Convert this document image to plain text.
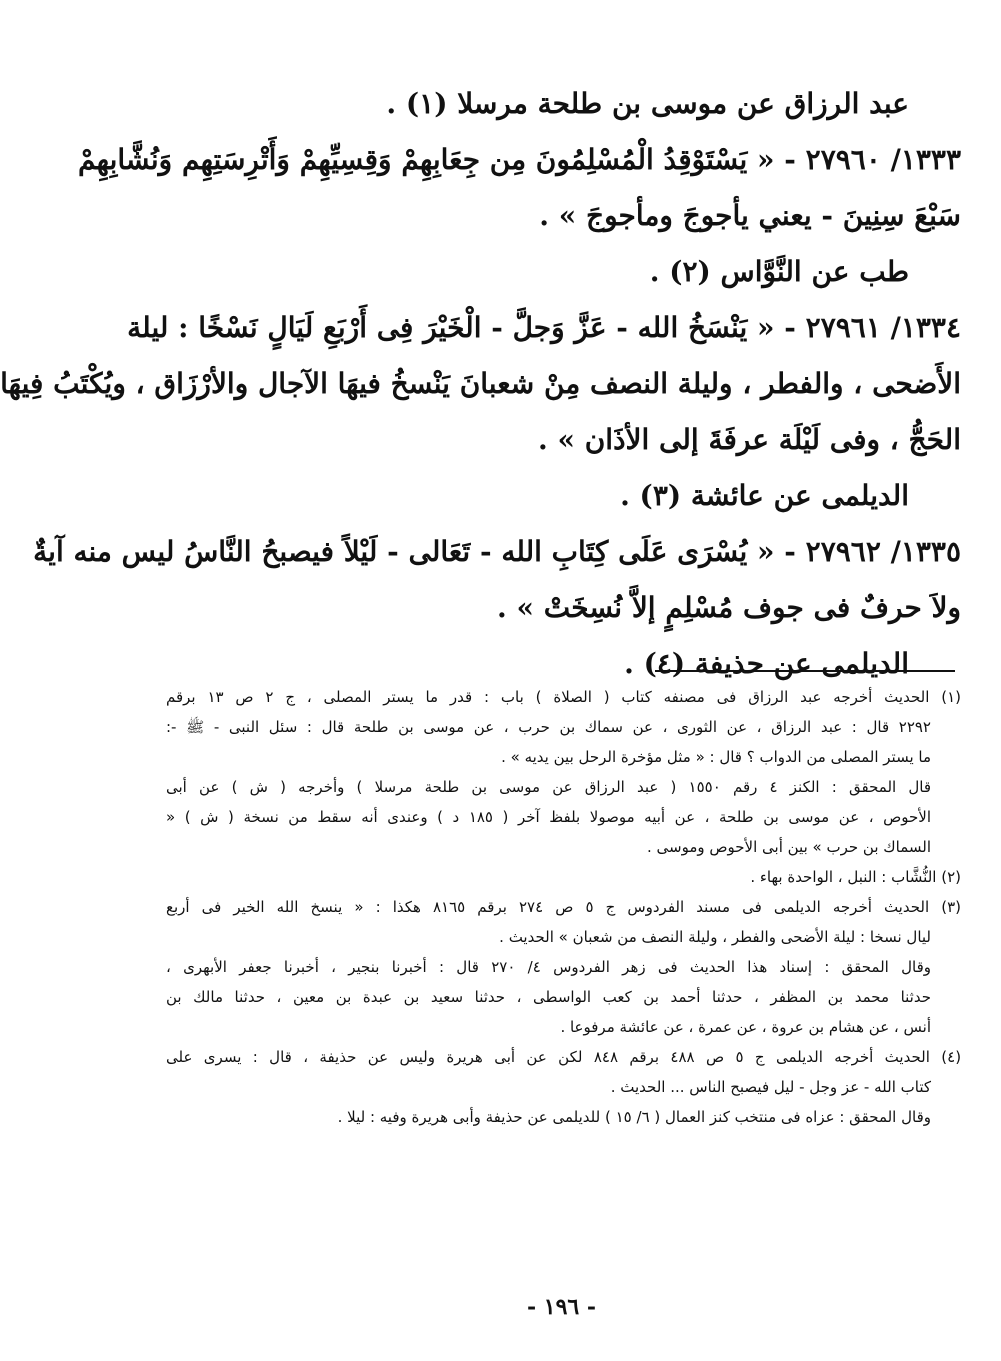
عبد الرزاق عن موسى بن طلحة مرسلا (١) .
١٣٣٣/ ٢٧٩٦٠ - « يَسْتَوْقِدُ الْمُسْلِمُونَ مِن جِعَابِهِمْ وَقِسِيِّهِمْ وَأَتْرِسَتِهِم وَنُشَّابِهِمْ
سَبْعَ سِنِينَ - يعني يأجوجَ ومأجوجَ » .
طب عن النَّوَّاس (٢) .
١٣٣٤/ ٢٧٩٦١ - « يَنْسَخُ الله - عَزَّ وَجلَّ - الْخَيْرَ فِى أَرْبَعِ لَيَالٍ نَسْخًا : ليلة
الأَضحى ، والفطر ، وليلة النصف مِنْ شعبانَ يَنْسخُ فيهَا الآجال والأرْزَاق ، ويُكْتَبُ فِيهَا
الحَجُّ ، وفى لَيْلَة عرفَةَ إلى الأذَان » .
الديلمى عن عائشة (٣) .
١٣٣٥/ ٢٧٩٦٢ - « يُسْرَى عَلَى كِتَابِ الله - تَعَالى - لَيْلاً فيصبحُ النَّاسُ ليس منه آيةٌ
ولاَ حرفٌ فى جوف مُسْلِمٍ إلاَّ نُسِخَتْ » .
الديلمى عن حذيفة (٤) .
(١) الحديث أخرجه عبد الرزاق فى مصنفه كتاب ( الصلاة ) باب : قدر ما يستر المصلى ، ج ٢ ص ١٣ برقم
٢٢٩٢ قال : عبد الرزاق ، عن الثورى ، عن سماك بن حرب ، عن موسى بن طلحة قال : سئل النبى - ﷺ -:
ما يستر المصلى من الدواب ؟ قال : « مثل مؤخرة الرحل بين يديه » .
قال المحقق : الكنز ٤ رقم ١٥٥٠ ( عبد الرزاق عن موسى بن طلحة مرسلا ) وأخرجه ( ش ) عن أبى
الأحوص ، عن موسى بن طلحة ، عن أبيه موصولا بلفظ آخر ( ١٨٥ د ) وعندى أنه سقط من نسخة ( ش ) «
السماك بن حرب » بين أبى الأحوص وموسى .
(٢) النُّشَّاب : النبل ، الواحدة بهاء .
(٣) الحديث أخرجه الديلمى فى مسند الفردوس ج ٥ ص ٢٧٤ برقم ٨١٦٥ هكذا : « ينسخ الله الخير فى أربع
ليال نسخا : ليلة الأضحى والفطر ، وليلة النصف من شعبان » الحديث .
وقال المحقق : إسناد هذا الحديث فى زهر الفردوس ٤/ ٢٧٠ قال : أخبرنا بنجير ، أخبرنا جعفر الأبهرى ،
حدثنا محمد بن المظفر ، حدثنا أحمد بن كعب الواسطى ، حدثنا سعيد بن عبدة بن معين ، حدثنا مالك بن
أنس ، عن هشام بن عروة ، عن عمرة ، عن عائشة مرفوعا .
(٤) الحديث أخرجه الديلمى ج ٥ ص ٤٨٨ برقم ٨٤٨ لكن عن أبى هريرة وليس عن حذيفة ، قال : يسرى على
كتاب الله - عز وجل - ليل فيصبح الناس ... الحديث .
وقال المحقق : عزاه فى منتخب كنز العمال ( ٦/ ١٥ ) للديلمى عن حذيفة وأبى هريرة وفيه : ليلا .
- ١٩٦ -
